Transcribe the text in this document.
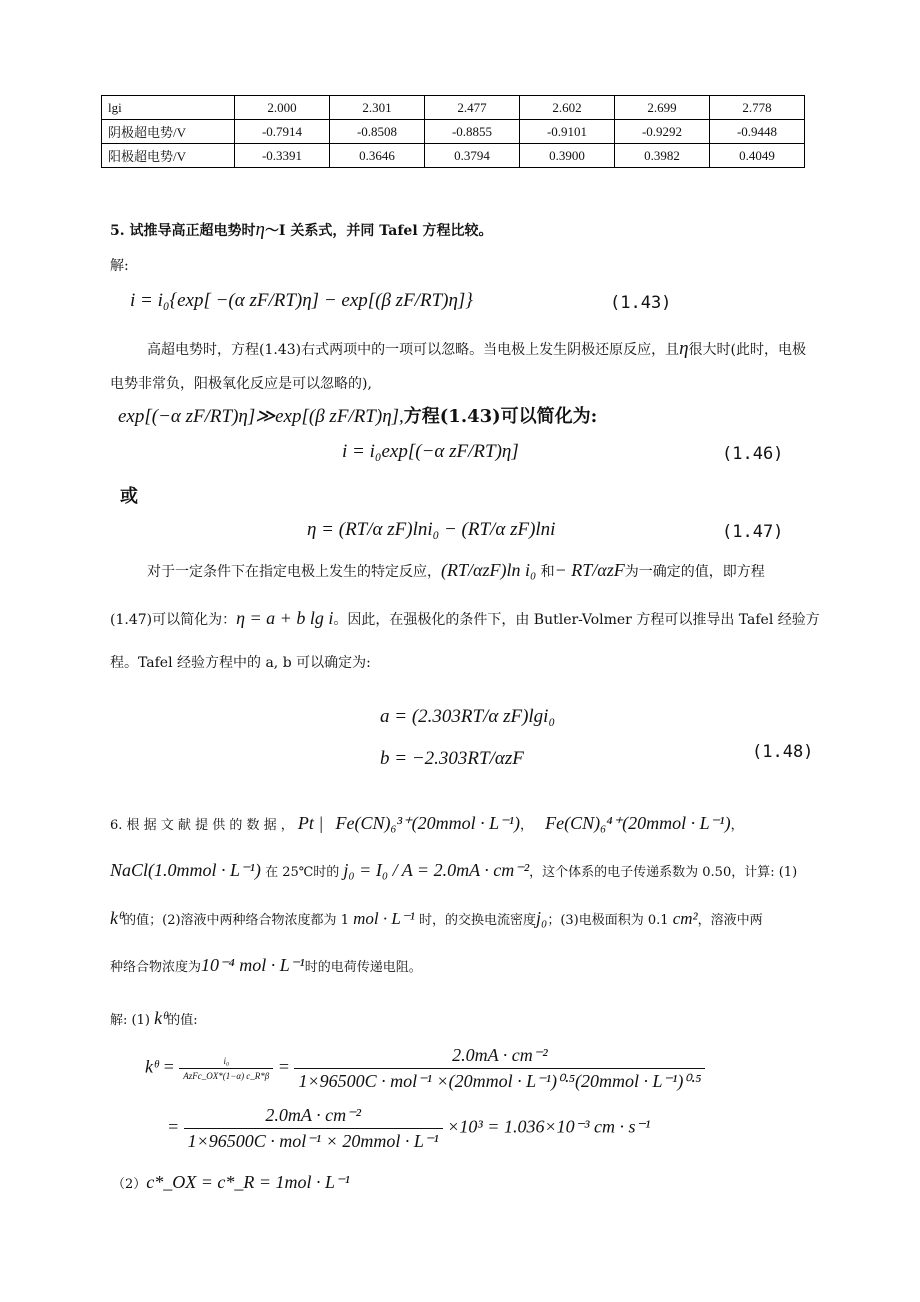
lgi	2.000	2.301	2.477	2.602	2.699	2.778
阴极超电势/V	-0.7914	-0.8508	-0.8855	-0.9101	-0.9292	-0.9448
阳极超电势/V	-0.3391	0.3646	0.3794	0.3900	0.3982	0.4049
5. 试推导高正超电势时η～I 关系式，并同 Tafel 方程比较。
解:
i = i₀{exp[ −(α zF/RT)η] − exp[(β zF/RT)η]}	(1.43)
高超电势时，方程(1.43)右式两项中的一项可以忽略。当电极上发生阴极还原反应，且η很大时(此时，电极
电势非常负，阳极氧化反应是可以忽略的),
exp[(−α zF/RT)η]≫exp[(β zF/RT)η],方程(1.43)可以简化为:
i = i₀exp[(−α zF/RT)η]	(1.46)
或
η = (RT/α zF)lni₀ − (RT/α zF)lni	(1.47)
对于一定条件下在指定电极上发生的特定反应，(RT/αzF)ln i₀ 和− RT/αzF为一确定的值，即方程
(1.47)可以简化为：η = a + b lg i。因此，在强极化的条件下，由 Butler-Volmer 方程可以推导出 Tafel 经验方
程。Tafel 经验方程中的 a, b 可以确定为:
a = (2.303RT/α zF)lgi₀
b = −2.303RT/αzF	(1.48)
6. 根 据 文 献 提 供 的 数 据 ， Pt | Fe(CN)₆³⁺(20mmol · L⁻¹)， Fe(CN)₆⁴⁺(20mmol · L⁻¹)，
NaCl(1.0mmol · L⁻¹) 在 25℃时的 j₀ = I₀ / A = 2.0mA · cm⁻²，这个体系的电子传递系数为 0.50，计算: (1)
kᶿ的值；(2)溶液中两种络合物浓度都为 1 mol · L⁻¹ 时，的交换电流密度j₀；(3)电极面积为 0.1 cm²，溶液中两
种络合物浓度为10⁻⁴ mol · L⁻¹时的电荷传递电阻。
解: (1) kᶿ的值:
kᶿ = $\frac{\text{i₀}}{\text{AzFc\_OX*(1−α) c\_R*β}} = \frac{\text{2.0mA · cm⁻²}}{\text{1×96500C · mol⁻¹ ×(20mmol · L⁻¹)⁰·⁵(20mmol · L⁻¹)⁰·⁵}}$
= $\frac{\text{2.0mA · cm⁻²}}{\text{1×96500C · mol⁻¹ × 20mmol · L⁻¹}} \times 10^3 = 1.036\times 10^{-3}$ cm · s⁻¹
（2）c*_OX = c*_R = 1mol · L⁻¹
